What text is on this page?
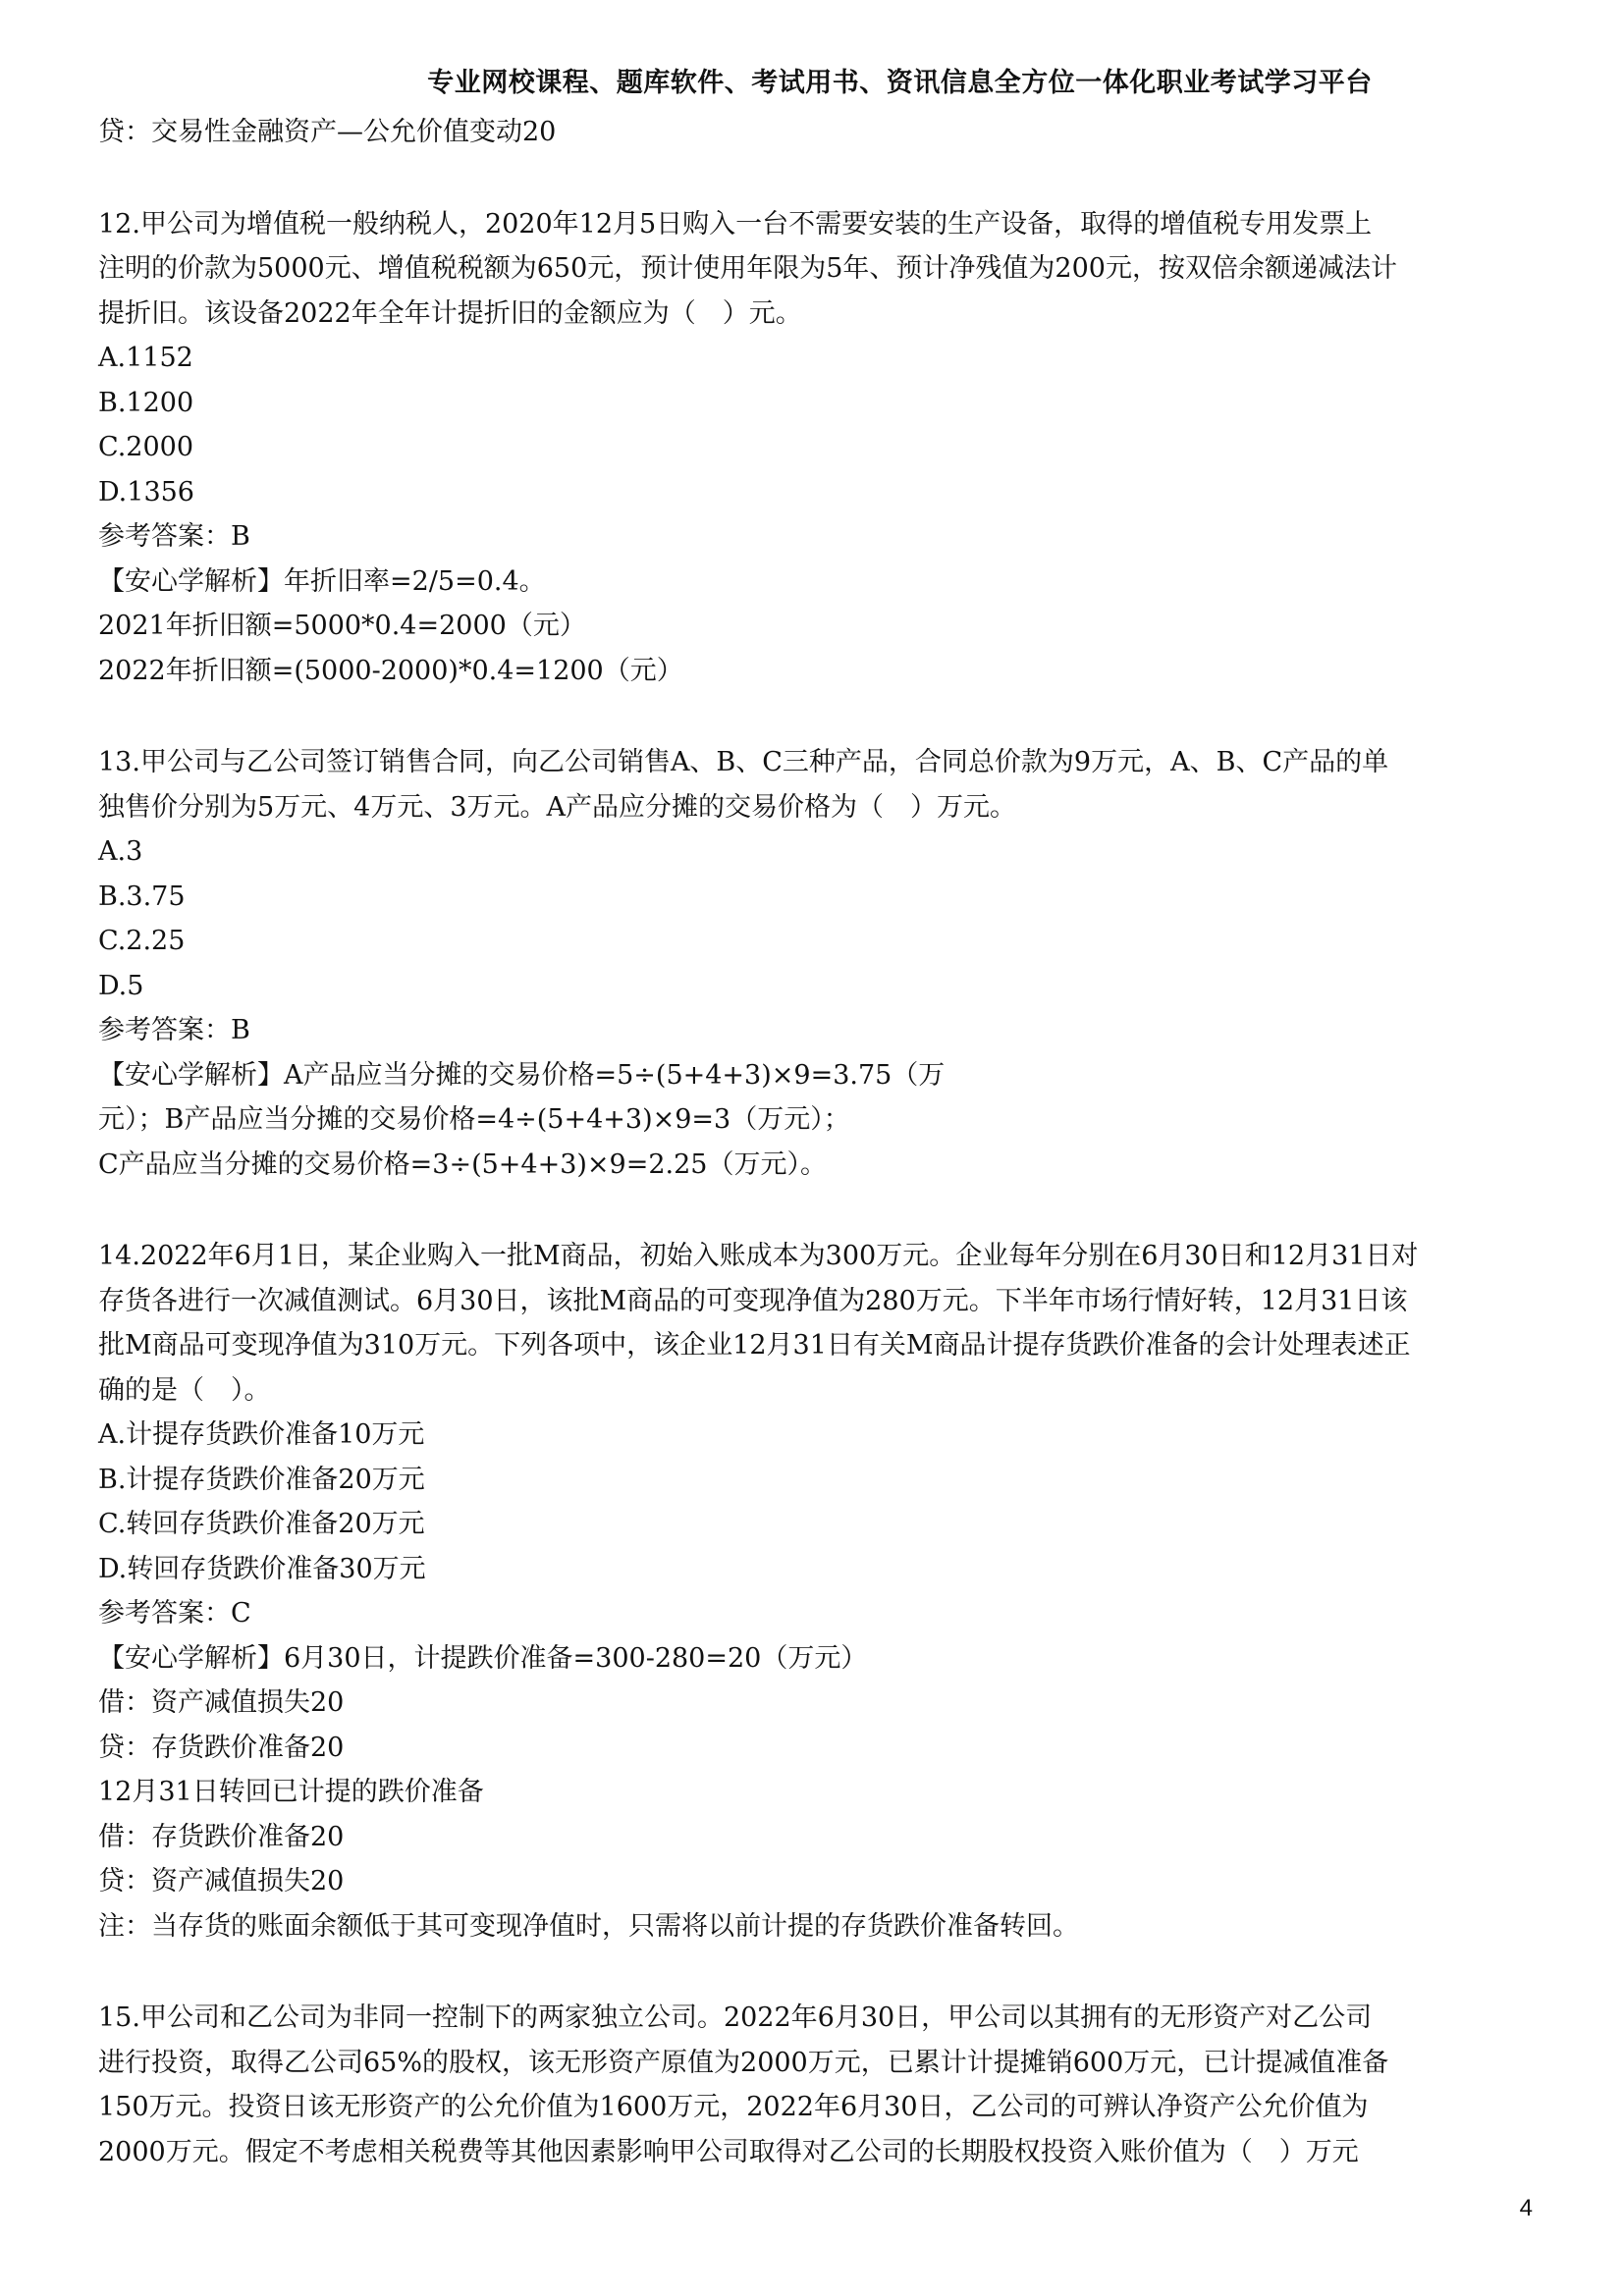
专业网校课程、题库软件、考试用书、资讯信息全方位一体化职业考试学习平台
贷：交易性金融资产—公允价值变动20
12.甲公司为增值税一般纳税人，2020年12月5日购入一台不需要安装的生产设备，取得的增值税专用发票上
注明的价款为5000元、增值税税额为650元，预计使用年限为5年、预计净残值为200元，按双倍余额递减法计
提折旧。该设备2022年全年计提折旧的金额应为（　）元。
A.1152
B.1200
C.2000
D.1356
参考答案：B
【安心学解析】年折旧率=2/5=0.4。
2021年折旧额=5000*0.4=2000（元）
2022年折旧额=(5000-2000)*0.4=1200（元）
13.甲公司与乙公司签订销售合同，向乙公司销售A、B、C三种产品，合同总价款为9万元，A、B、C产品的单
独售价分别为5万元、4万元、3万元。A产品应分摊的交易价格为（　）万元。
A.3
B.3.75
C.2.25
D.5
参考答案：B
【安心学解析】A产品应当分摊的交易价格=5÷(5+4+3)×9=3.75（万
元）；B产品应当分摊的交易价格=4÷(5+4+3)×9=3（万元）；
C产品应当分摊的交易价格=3÷(5+4+3)×9=2.25（万元）。
14.2022年6月1日，某企业购入一批M商品，初始入账成本为300万元。企业每年分别在6月30日和12月31日对
存货各进行一次减值测试。6月30日，该批M商品的可变现净值为280万元。下半年市场行情好转，12月31日该
批M商品可变现净值为310万元。下列各项中，该企业12月31日有关M商品计提存货跌价准备的会计处理表述正
确的是（　）。
A.计提存货跌价准备10万元
B.计提存货跌价准备20万元
C.转回存货跌价准备20万元
D.转回存货跌价准备30万元
参考答案：C
【安心学解析】6月30日，计提跌价准备=300-280=20（万元）
借：资产减值损失20
贷：存货跌价准备20
12月31日转回已计提的跌价准备
借：存货跌价准备20
贷：资产减值损失20
注：当存货的账面余额低于其可变现净值时，只需将以前计提的存货跌价准备转回。
15.甲公司和乙公司为非同一控制下的两家独立公司。2022年6月30日，甲公司以其拥有的无形资产对乙公司
进行投资，取得乙公司65%的股权，该无形资产原值为2000万元，已累计计提摊销600万元，已计提减值准备
150万元。投资日该无形资产的公允价值为1600万元，2022年6月30日，乙公司的可辨认净资产公允价值为
2000万元。假定不考虑相关税费等其他因素影响甲公司取得对乙公司的长期股权投资入账价值为（　）万元
4
